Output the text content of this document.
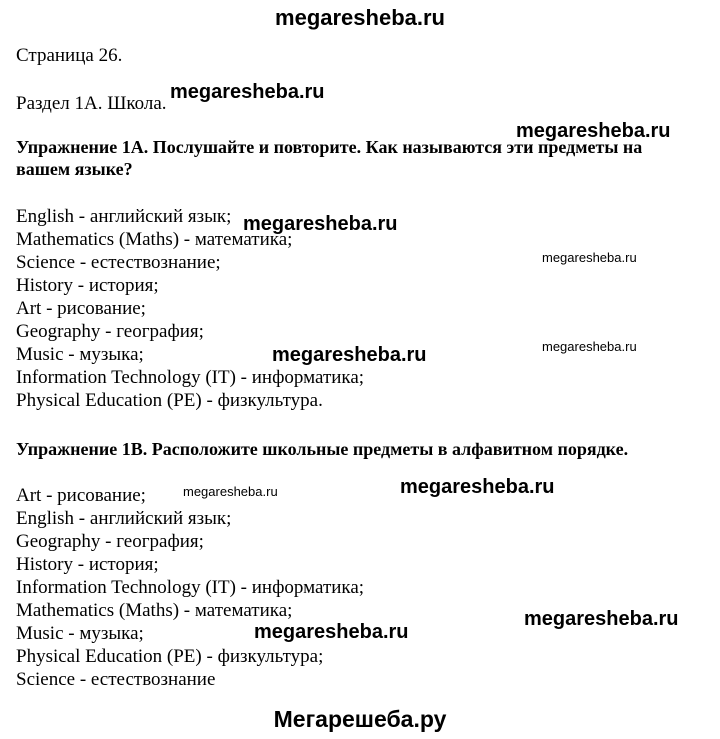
megaresheba.ru
Страница 26.
Раздел 1A. Школа.
Упражнение 1A. Послушайте и повторите. Как называются эти предметы на вашем языке?
English - английский язык;
Mathematics (Maths) - математика;
Science - естествознание;
History - история;
Art - рисование;
Geography - география;
Music - музыка;
Information Technology (IT) - информатика;
Physical Education (PE) - физкультура.
Упражнение 1B. Расположите школьные предметы в алфавитном порядке.
Art - рисование;
English - английский язык;
Geography - география;
History - история;
Information Technology (IT) - информатика;
Mathematics (Maths) - математика;
Music - музыка;
Physical Education (PE) - физкультура;
Science - естествознание
megaresheba.ru
megaresheba.ru
megaresheba.ru
megaresheba.ru
megaresheba.ru	megaresheba.ru
megaresheba.ru	megaresheba.ru
megaresheba.ru
megaresheba.ru
Мегарешеба.ру
